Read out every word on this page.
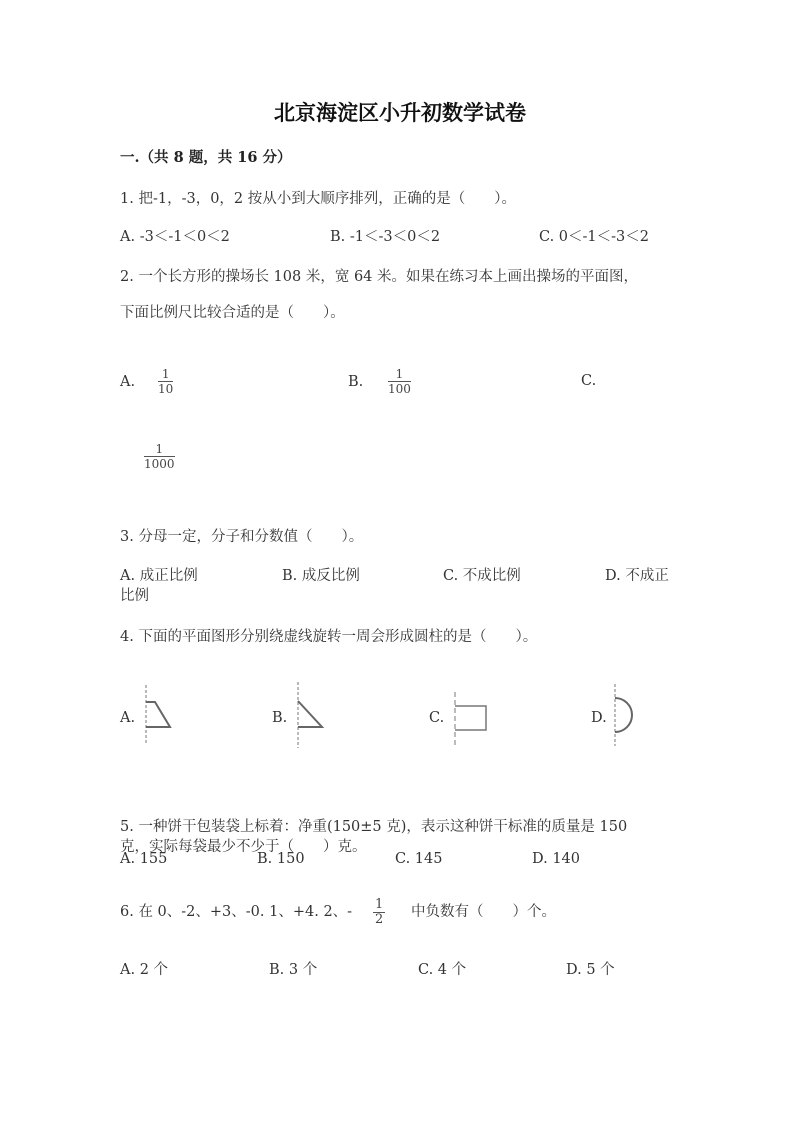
北京海淀区小升初数学试卷
一.（共 8 题，共 16 分）
1. 把-1，-3，0，2 按从小到大顺序排列，正确的是（　　）。
A. -3＜-1＜0＜2	B. -1＜-3＜0＜2	C. 0＜-1＜-3＜2
2. 一个长方形的操场长 108 米，宽 64 米。如果在练习本上画出操场的平面图，
下面比例尺比较合适的是（　　）。
A. $\frac{1}{10}$	B. $\frac{1}{100}$	C.
$\frac{1}{1000}$
3. 分母一定，分子和分数值（　　）。
A. 成正比例	B. 成反比例	C. 不成比例	D. 不成正
比例
4. 下面的平面图形分别绕虚线旋转一周会形成圆柱的是（　　）。
A.	B.	C.	D.
5. 一种饼干包装袋上标着：净重(150±5 克)，表示这种饼干标准的质量是 150
克，实际每袋最少不少于（　　）克。
A. 155	B. 150	C. 145	D. 140
6. 在 0、-2、+3、-0. 1、+4. 2、- $\frac{1}{2}$ 中负数有（　　）个。
A. 2 个	B. 3 个	C. 4 个	D. 5 个
